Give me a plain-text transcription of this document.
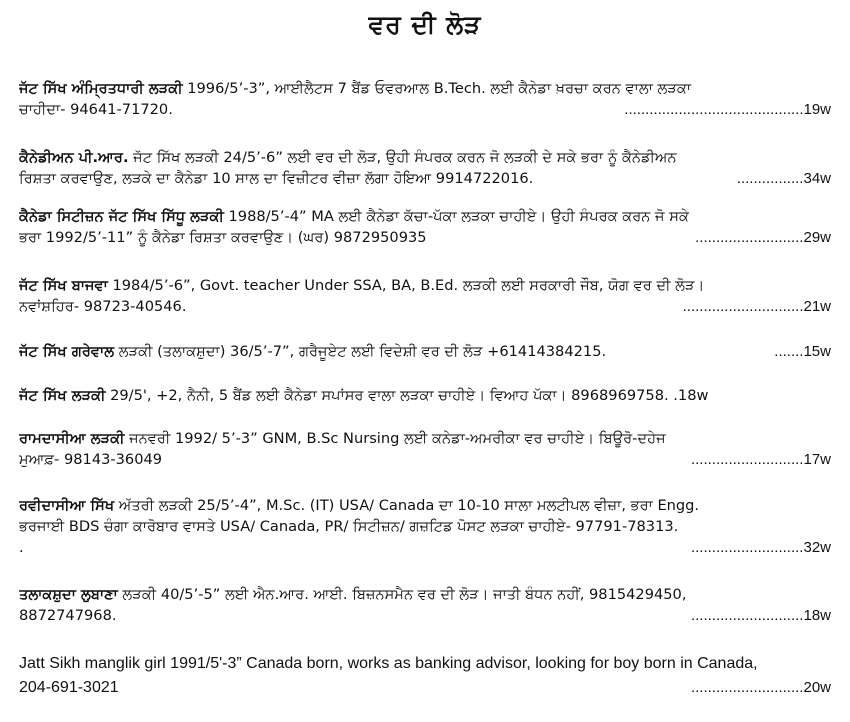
ਵਰ ਦੀ ਲੋੜ
ਜੱਟ ਸਿੱਖ ਅੰਮ੍ਰਿਤਧਾਰੀ ਲੜਕੀ 1996/5’-3”, ਆਈਲੈਟਸ 7 ਬੈਂਡ ਓਵਰਆਲ B.Tech. ਲਈ ਕੈਨੇਡਾ ਖ਼ਰਚਾ ਕਰਨ ਵਾਲਾ ਲੜਕਾ
ਚਾਹੀਦਾ- 94641-71720.	...........................................19w
ਕੈਨੇਡੀਅਨ ਪੀ.ਆਰ. ਜੱਟ ਸਿੱਖ ਲੜਕੀ 24/5’-6” ਲਈ ਵਰ ਦੀ ਲੋੜ, ਉਹੀ ਸੰਪਰਕ ਕਰਨ ਜੋ ਲੜਕੀ ਦੇ ਸਕੇ ਭਰਾ ਨੂੰ ਕੈਨੇਡੀਅਨ
ਰਿਸ਼ਤਾ ਕਰਵਾਉਣ, ਲੜਕੇ ਦਾ ਕੈਨੇਡਾ 10 ਸਾਲ ਦਾ ਵਿਜ਼ੀਟਰ ਵੀਜ਼ਾ ਲੱਗਾ ਹੋਇਆ 9914722016.	................34w
ਕੈਨੇਡਾ ਸਿਟੀਜ਼ਨ ਜੱਟ ਸਿੱਖ ਸਿੱਧੂ ਲੜਕੀ 1988/5’-4” MA ਲਈ ਕੈਨੇਡਾ ਕੱਚਾ-ਪੱਕਾ ਲੜਕਾ ਚਾਹੀਏ। ਉਹੀ ਸੰਪਰਕ ਕਰਨ ਜੋ ਸਕੇ
ਭਰਾ 1992/5’-11” ਨੂੰ ਕੈਨੇਡਾ ਰਿਸ਼ਤਾ ਕਰਵਾਉਣ। (ਘਰ) 9872950935	..........................29w
ਜੱਟ ਸਿੱਖ ਬਾਜਵਾ 1984/5’-6”, Govt. teacher Under SSA, BA, B.Ed. ਲੜਕੀ ਲਈ ਸਰਕਾਰੀ ਜੌਬ, ਯੋਗ ਵਰ ਦੀ ਲੋੜ।
ਨਵਾਂਸ਼ਹਿਰ- 98723-40546.	.............................21w
ਜੱਟ ਸਿੱਖ ਗਰੇਵਾਲ ਲੜਕੀ (ਤਲਾਕਸ਼ੁਦਾ) 36/5’-7”, ਗਰੈਜੂਏਟ ਲਈ ਵਿਦੇਸ਼ੀ ਵਰ ਦੀ ਲੋੜ +61414384215.	.......15w
ਜੱਟ ਸਿੱਖ ਲੜਕੀ 29/5', +2, ਨੈਨੀ, 5 ਬੈਂਡ ਲਈ ਕੈਨੇਡਾ ਸਪਾਂਸਰ ਵਾਲਾ ਲੜਕਾ ਚਾਹੀਏ। ਵਿਆਹ ਪੱਕਾ। 8968969758. .18w
ਰਾਮਦਾਸੀਆ ਲੜਕੀ ਜਨਵਰੀ 1992/ 5’-3” GNM, B.Sc Nursing ਲਈ ਕਨੇਡਾ-ਅਮਰੀਕਾ ਵਰ ਚਾਹੀਏ। ਬਿਊਰੋ-ਦਹੇਜ
ਮੁਆਫ਼- 98143-36049	...........................17w
ਰਵੀਦਾਸੀਆ ਸਿੱਖ ਅੱਤਰੀ ਲੜਕੀ 25/5’-4”, M.Sc. (IT) USA/ Canada ਦਾ 10-10 ਸਾਲਾ ਮਲਟੀਪਲ ਵੀਜ਼ਾ, ਭਰਾ Engg.
ਭਰਜਾਈ BDS ਚੰਗਾ ਕਾਰੋਬਾਰ ਵਾਸਤੇ USA/ Canada, PR/ ਸਿਟੀਜ਼ਨ/ ਗਜ਼ਟਿਡ ਪੋਸਟ ਲੜਕਾ ਚਾਹੀਏ- 97791-78313.
.	...........................32w
ਤਲਾਕਸ਼ੁਦਾ ਲੁਬਾਣਾ ਲੜਕੀ 40/5’-5” ਲਈ ਐਨ.ਆਰ. ਆਈ. ਬਿਜ਼ਨਸਮੈਨ ਵਰ ਦੀ ਲੋੜ। ਜਾਤੀ ਬੰਧਨ ਨਹੀਂ, 9815429450,
8872747968.	...........................18w
Jatt Sikh manglik girl 1991/5'-3” Canada born, works as banking advisor, looking for boy born in Canada,
204-691-3021	...........................20w
